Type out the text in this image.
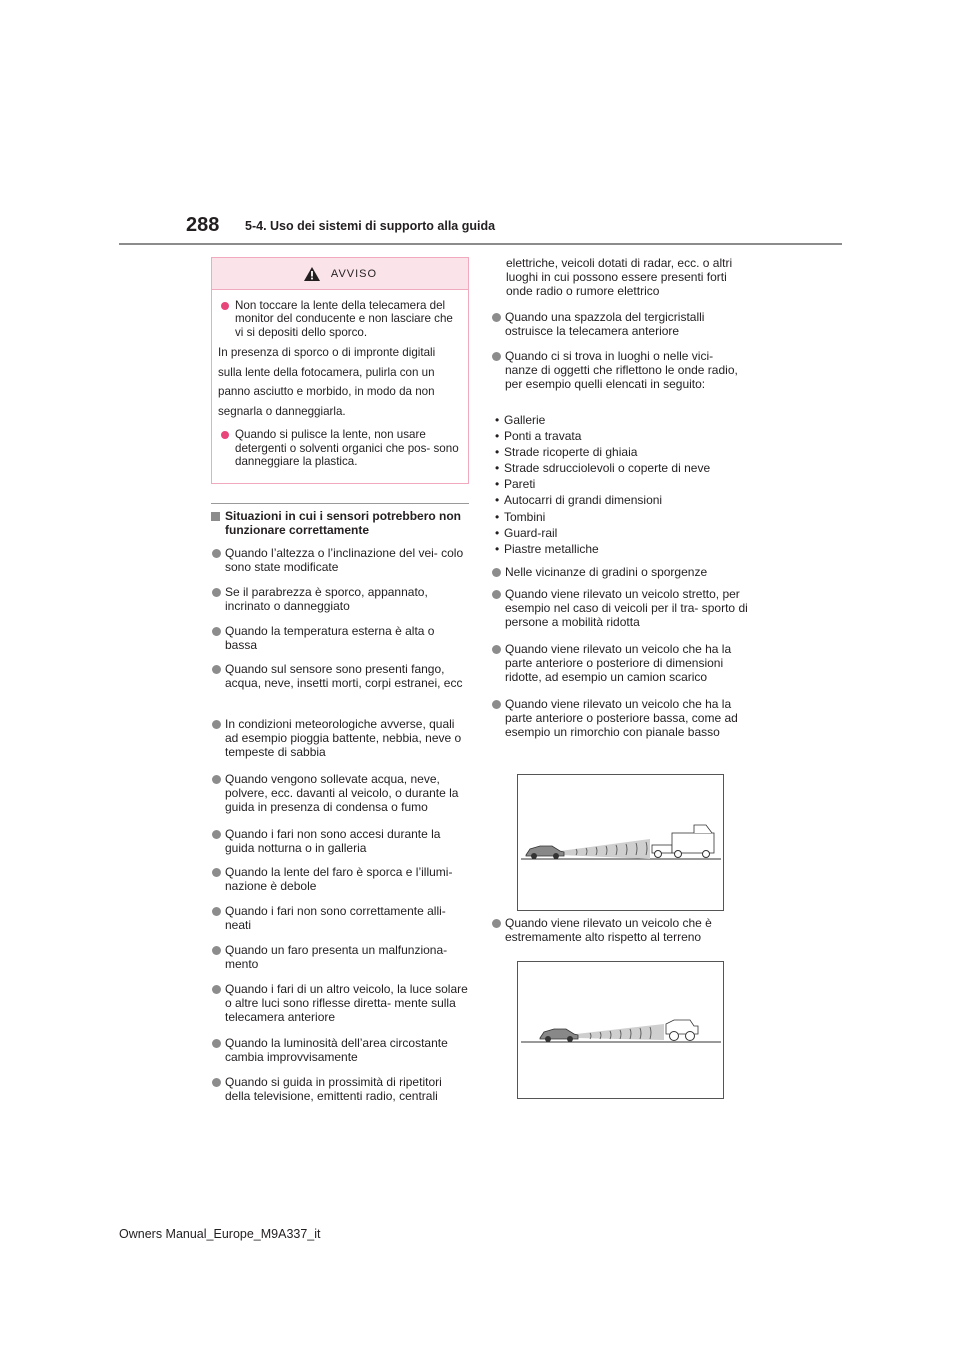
288 5-4. Uso dei sistemi di supporto alla guida
AVVISO
Non toccare la lente della telecamera del monitor del conducente e non lasciare che vi si depositi dello sporco.
In presenza di sporco o di impronte digitali
sulla lente della fotocamera, pulirla con un
panno asciutto e morbido, in modo da non
segnarla o danneggiarla.
Quando si pulisce la lente, non usare detergenti o solventi organici che pos- sono danneggiare la plastica.
Situazioni in cui i sensori potrebbero non funzionare correttamente
Quando l’altezza o l’inclinazione del vei- colo sono state modificate
Se il parabrezza è sporco, appannato, incrinato o danneggiato
Quando la temperatura esterna è alta o bassa
Quando sul sensore sono presenti fango, acqua, neve, insetti morti, corpi estranei, ecc
In condizioni meteorologiche avverse, quali ad esempio pioggia battente, nebbia, neve o tempeste di sabbia
Quando vengono sollevate acqua, neve, polvere, ecc. davanti al veicolo, o durante la guida in presenza di condensa o fumo
Quando i fari non sono accesi durante la guida notturna o in galleria
Quando la lente del faro è sporca e l’illumi- nazione è debole
Quando i fari non sono correttamente alli- neati
Quando un faro presenta un malfunziona- mento
Quando i fari di un altro veicolo, la luce solare o altre luci sono riflesse diretta- mente sulla telecamera anteriore
Quando la luminosità dell’area circostante cambia improvvisamente
Quando si guida in prossimità di ripetitori della televisione, emittenti radio, centrali
elettriche, veicoli dotati di radar, ecc. o altri luoghi in cui possono essere presenti forti onde radio o rumore elettrico
Quando una spazzola del tergicristalli ostruisce la telecamera anteriore
Quando ci si trova in luoghi o nelle vici- nanze di oggetti che riflettono le onde radio, per esempio quelli elencati in seguito:
• Gallerie
• Ponti a travata
• Strade ricoperte di ghiaia
• Strade sdrucciolevoli o coperte di neve
• Pareti
• Autocarri di grandi dimensioni
• Tombini
• Guard-rail
• Piastre metalliche
Nelle vicinanze di gradini o sporgenze
Quando viene rilevato un veicolo stretto, per esempio nel caso di veicoli per il tra- sporto di persone a mobilità ridotta
Quando viene rilevato un veicolo che ha la parte anteriore o posteriore di dimensioni ridotte, ad esempio un camion scarico
Quando viene rilevato un veicolo che ha la parte anteriore o posteriore bassa, come ad esempio un rimorchio con pianale basso
Quando viene rilevato un veicolo che è estremamente alto rispetto al terreno
Owners Manual_Europe_M9A337_it
